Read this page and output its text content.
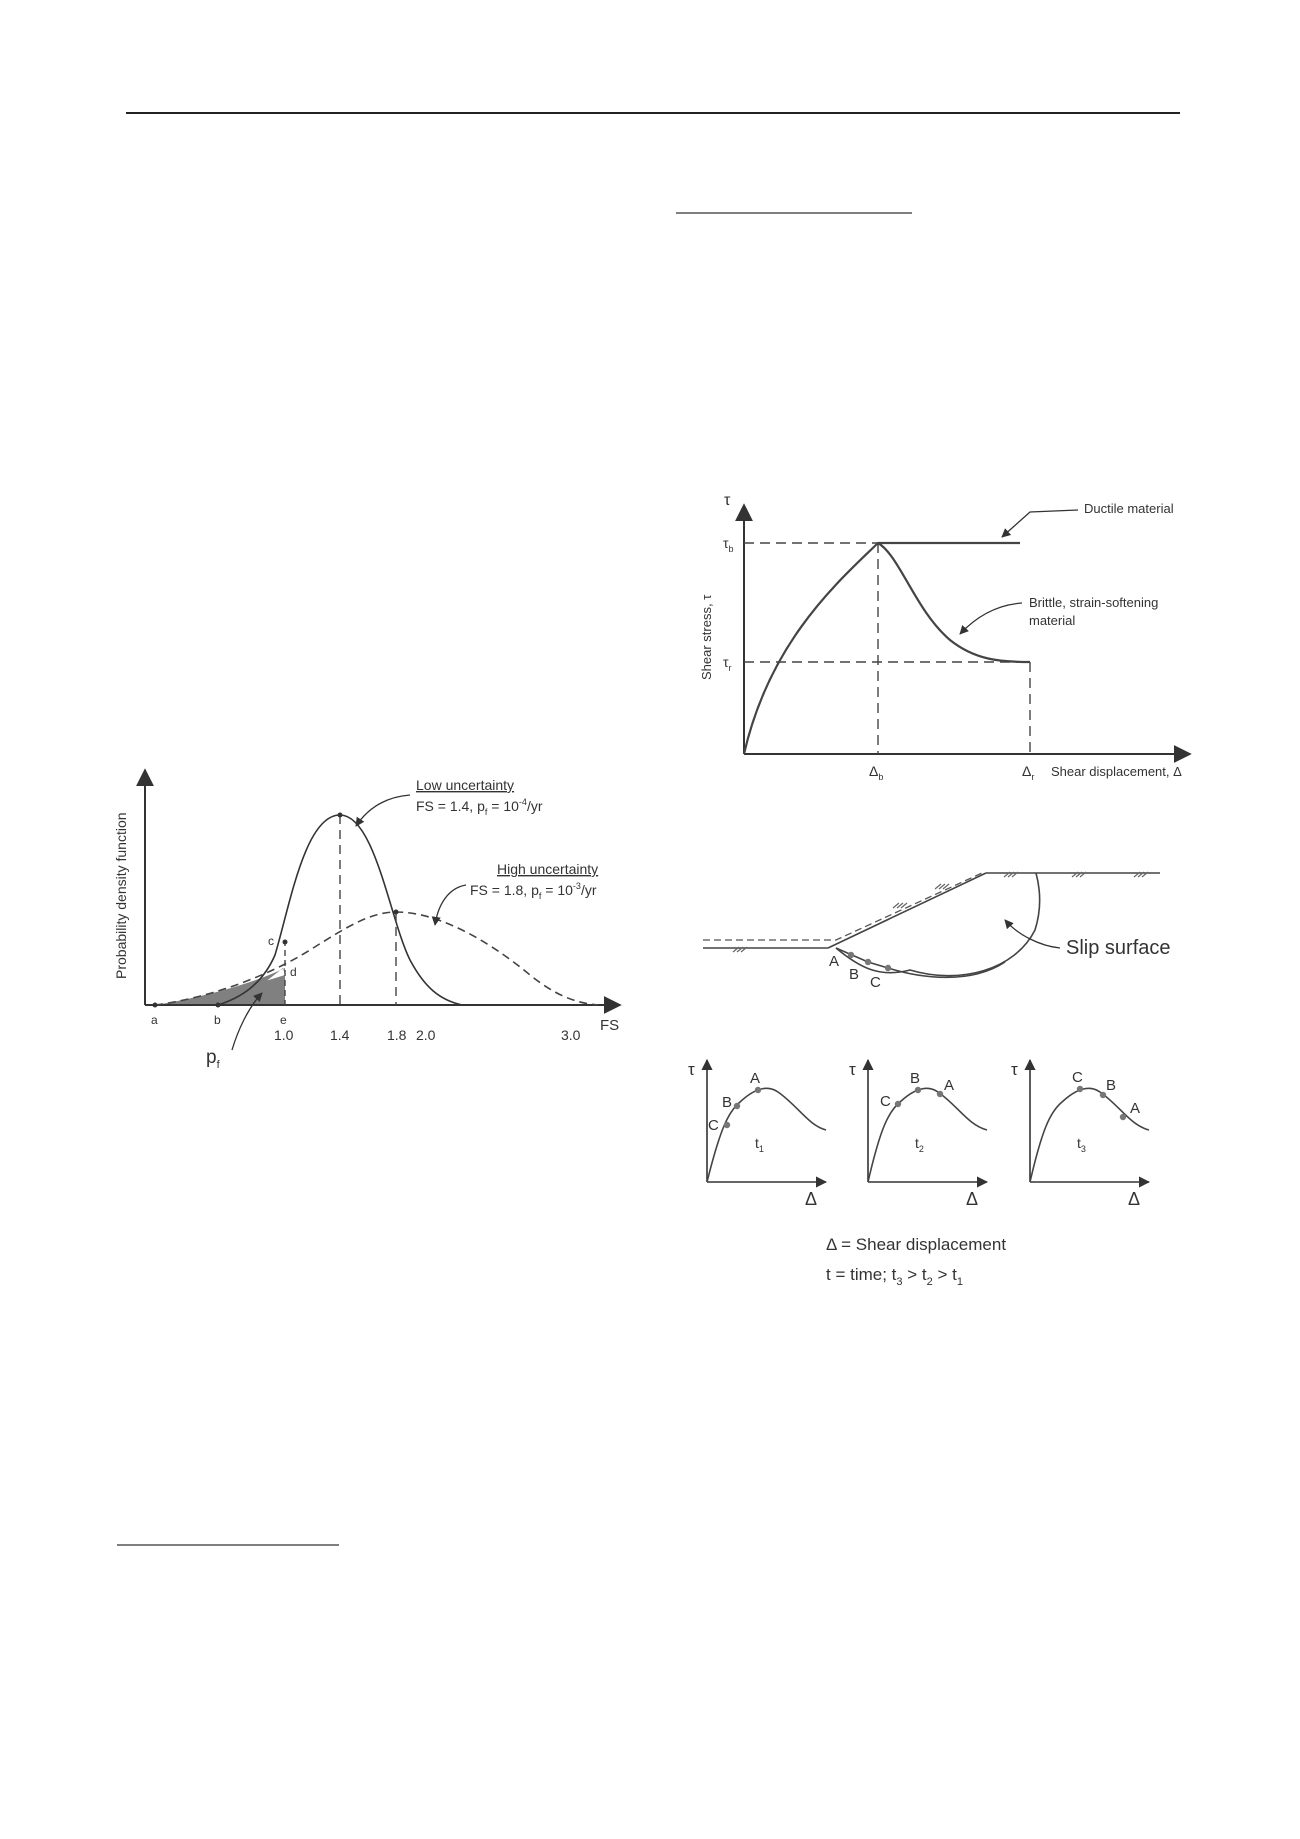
Probability density function
FS
a	b
c
d
e
1.0	1.4	1.8 2.0	3.0
$p_f$
Low uncertainty
FS = 1.4, $p_f = 10^{-4}/yr$
High uncertainty
FS = 1.8, $p_f = 10^{-3}/yr$
τ
$\tau_b$
$\tau_r$
$\Delta_b$	$\Delta_r$
Shear stress, τ
Shear displacement, Δ
Ductile material
Brittle, strain-softening
material
A
B C
Slip surface
C
B
A
τ
Δ
$t_1$
C
B A
τ
Δ
$t_2$
C B
A
τ
Δ
$t_3$
Δ = Shear displacement
t = time; $t_3 > t_2 > t_1$
